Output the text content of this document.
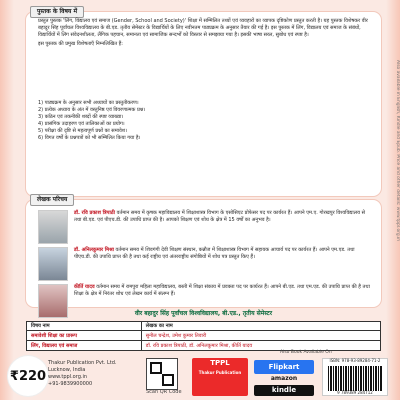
Also available in English, Kindle and Epub. Price and other details: www.tppl.org.in
पुस्तक के विषय में
प्रस्तुत पुस्तक 'लिंग, विद्यालय एवं समाज (Gender, School and Society)' शिक्षा में सम्मिलित तथ्यों एवं व्यवहारों का व्यापक दृष्टिकोण प्रस्तुत करती है। यह पुस्तक विशेषकर वीर बहादुर सिंह पूर्वांचल विश्वविद्यालय के बी.एड. तृतीय सेमेस्टर के विद्यार्थियों के लिए नवीनतम पाठ्यक्रम के अनुसार तैयार की गई है। इस पुस्तक में लिंग, विद्यालय एवं समाज के संबंधों, विद्यार्थियों में लिंग संवेदनशीलता, लैंगिक पहचान, समानता एवं सामाजिक सन्दर्भों को विस्तार से समझाया गया है। इसकी भाषा सरल, सुबोध एवं स्पष्ट है।
इस पुस्तक की प्रमुख विशेषताएँ निम्नलिखित हैं:
1) पाठ्यक्रम के अनुसार सभी अध्यायों का प्रस्तुतीकरण।
2) प्रत्येक अध्याय के अंत में वस्तुनिष्ठ एवं विवरणात्मक प्रश्न।
3) कठिन एवं तकनीकी शब्दों की स्पष्ट व्याख्या।
4) प्रासंगिक उदाहरण एवं तालिकाओं का प्रयोग।
5) परीक्षा की दृष्टि से महत्वपूर्ण प्रश्नों का समावेश।
6) विगत वर्षों के प्रश्नपत्रों को भी सम्मिलित किया गया है।
लेखक परिचय
डॉ. रवि प्रकाश त्रिपाठी वर्तमान समय में कृषक महाविद्यालय में शिक्षाशास्त्र विभाग के एसोसिएट प्रोफेसर पद पर कार्यरत हैं। आपने एम.ए. गोरखपुर विश्वविद्यालय से तथा बी.एड. एवं पीएच.डी. की उपाधि प्राप्त की है। आपको शिक्षण एवं शोध के क्षेत्र में 15 वर्षों का अनुभव है।
डॉ. अनिलकुमार मिश्रा वर्तमान समय में शिवगंगी देवी शिक्षण संस्थान, कन्नौज में शिक्षाशास्त्र विभाग में सहायक आचार्य पद पर कार्यरत हैं। आपने एम.एड. तथा पीएच.डी. की उपाधि प्राप्त की है तथा कई राष्ट्रीय एवं अंतरराष्ट्रीय संगोष्ठियों में शोध पत्र प्रस्तुत किए हैं।
कीर्ति यादव वर्तमान समय में रामपुरा महिला महाविद्यालय, बस्ती में शिक्षा संकाय में प्रवक्ता पद पर कार्यरत हैं। आपने बी.एड. तथा एम.एड. की उपाधि प्राप्त की है तथा शिक्षा के क्षेत्र में निरंतर शोध एवं लेखन कार्य में संलग्न हैं।
वीर बहादुर सिंह पूर्वांचल विश्वविद्यालय, बी.एड., तृतीय सेमेस्टर
विषय नाम	लेखक का नाम
समावेशी शिक्षा का प्रारूप	सुनील चन्द्रेश, उमेश कुमार तिवारी
लिंग, विद्यालय एवं समाज	डॉ. रवि प्रकाश त्रिपाठी, डॉ. अनिलकुमार मिश्रा, कीर्ति यादव
₹220
Thakur Publication Pvt. Ltd.
Lucknow, India
www.tppl.org.in
+91-9839900000
Scan QR Code
TPPL
Thakur Publication
Flipkart
amazon
kindle
ISBN: 978-93-89284-71-2
9 789389 284712
Also Book Available On
